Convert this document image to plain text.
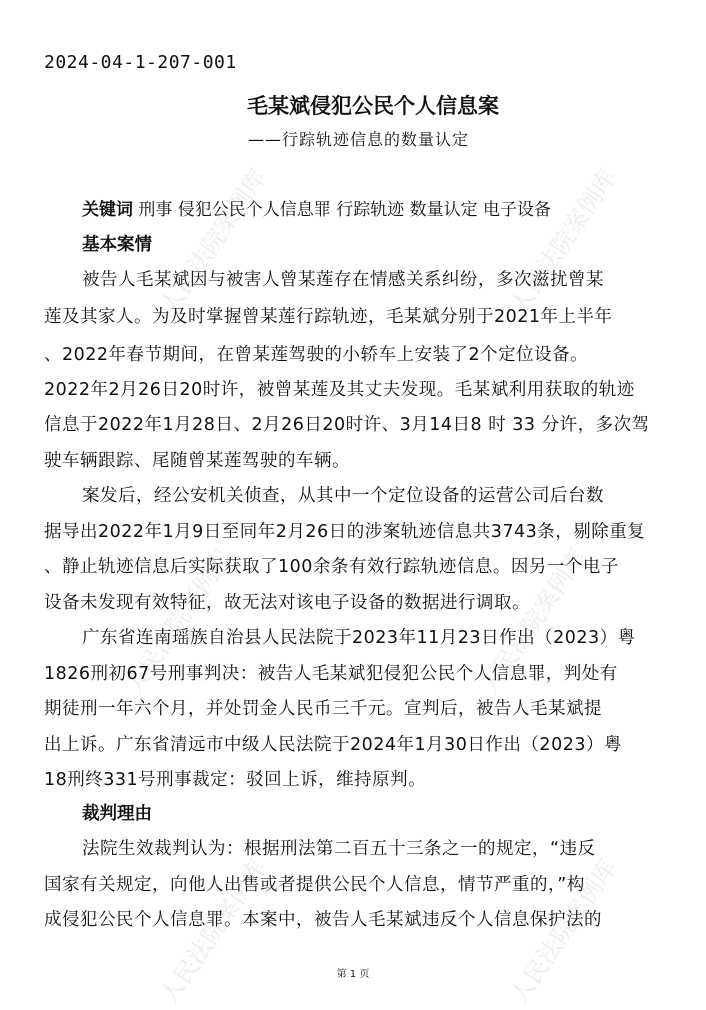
人民法院案例库	人民法院案例库
人民法院案例库	人民法院案例库
人民法院案例库	人民法院案例库
2024-04-1-207-001
毛某斌侵犯公民个人信息案
——行踪轨迹信息的数量认定
关键词 刑事 侵犯公民个人信息罪 行踪轨迹 数量认定 电子设备
基本案情
被告人毛某斌因与被害人曾某莲存在情感关系纠纷，多次滋扰曾某
莲及其家人。为及时掌握曾某莲行踪轨迹，毛某斌分别于2021年上半年
、2022年春节期间，在曾某莲驾驶的小轿车上安装了2个定位设备。
2022年2月26日20时许，被曾某莲及其丈夫发现。毛某斌利用获取的轨迹
信息于2022年1月28日、2月26日20时许、3月14日8 时 33 分许，多次驾
驶车辆跟踪、尾随曾某莲驾驶的车辆。
案发后，经公安机关侦查，从其中一个定位设备的运营公司后台数
据导出2022年1月9日至同年2月26日的涉案轨迹信息共3743条，剔除重复
、静止轨迹信息后实际获取了100余条有效行踪轨迹信息。因另一个电子
设备未发现有效特征，故无法对该电子设备的数据进行调取。
广东省连南瑶族自治县人民法院于2023年11月23日作出（2023）粤
1826刑初67号刑事判决：被告人毛某斌犯侵犯公民个人信息罪，判处有
期徒刑一年六个月，并处罚金人民币三千元。宣判后，被告人毛某斌提
出上诉。广东省清远市中级人民法院于2024年1月30日作出（2023）粤
18刑终331号刑事裁定：驳回上诉，维持原判。
裁判理由
法院生效裁判认为：根据刑法第二百五十三条之一的规定，“违反
国家有关规定，向他人出售或者提供公民个人信息，情节严重的，”构
成侵犯公民个人信息罪。本案中，被告人毛某斌违反个人信息保护法的
第 1 页
